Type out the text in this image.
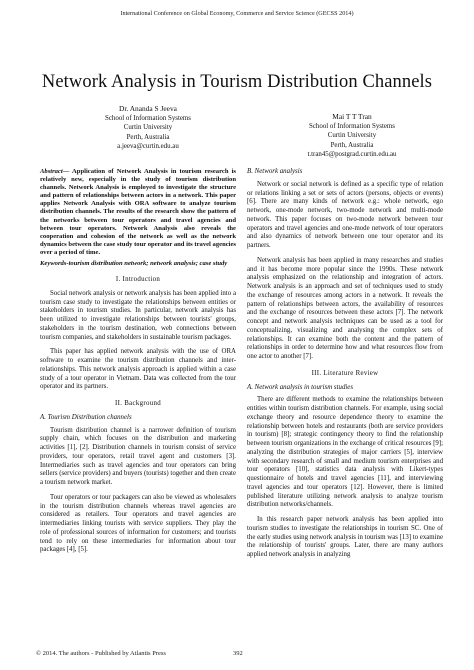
International Conference on Global Economy, Commerce and Service Science (GECSS 2014)
Network Analysis in Tourism Distribution Channels
Dr. Ananda S Jeeva
School of Information Systems
Curtin University
Perth, Australia
a.jeeva@curtin.edu.au
Mai T T Tran
School of Information Systems
Curtin University
Perth, Australia
t.tran45@postgrad.curtin.edu.au
Abstract— Application of Network Analysis in tourism research is relatively new, especially in the study of tourism distribution channels. Network Analysis is employed to investigate the structure and pattern of relationships between actors in a network. This paper applies Network Analysis with ORA software to analyze tourism distribution channels. The results of the research show the pattern of the networks between tour operators and travel agencies and between tour operators. Network Analysis also reveals the cooperation and cohesion of the network as well as the network dynamics between the case study tour operator and its travel agencies over a period of time.
Keywords-tourism distribution network; network analysis; case study
I. Introduction

Social network analysis or network analysis has been applied into a tourism case study to investigate the relationships between entities or stakeholders in tourism studies. In particular, network analysis has been utilized to investigate relationships between tourists' groups, stakeholders in the tourism destination, web connections between tourism companies, and stakeholders in sustainable tourism packages.

This paper has applied network analysis with the use of ORA software to examine the tourism distribution channels and inter-relationships. This network analysis approach is applied within a case study of a tour operator in Vietnam. Data was collected from the tour operator and its partners.

II. Background
A. Tourism Distribution channels

Tourism distribution channel is a narrower definition of tourism supply chain, which focuses on the distribution and marketing activities [1], [2]. Distribution channels in tourism consist of service providers, tour operators, retail travel agent and customers [3]. Intermediaries such as travel agencies and tour operators can bring sellers (service providers) and buyers (tourists) together and then create a tourism network market.

Tour operators or tour packagers can also be viewed as wholesalers in the tourism distribution channels whereas travel agencies are considered as retailers. Tour operators and travel agencies are intermediaries linking tourists with service suppliers. They play the role of professional sources of information for customers; and tourists tend to rely on these intermediaries for information about tour packages [4], [5].

B. Network analysis

Network or social network is defined as a specific type of relation or relations linking a set or sets of actors (persons, objects or events) [6]. There are many kinds of network e.g.: whole network, ego network, one-mode network, two-mode network and multi-mode network. This paper focuses on two-mode network between tour operators and travel agencies and one-mode network of tour operators and also dynamics of network between one tour operator and its partners.

Network analysis has been applied in many researches and studies and it has become more popular since the 1990s. These network analysis emphasized on the relationship and integration of actors. Network analysis is an approach and set of techniques used to study the exchange of resources among actors in a network. It reveals the pattern of relationships between actors, the availability of resources and the exchange of resources between these actors [7]. The network concept and network analysis techniques can be used as a tool for conceptualizing, visualizing and analysing the complex sets of relationships. It can examine both the content and the pattern of relationships in order to determine how and what resources flow from one actor to another [7].

III. Literature Review
A. Network analysis in tourism studies

There are different methods to examine the relationships between entities within tourism distribution channels. For example, using social exchange theory and resource dependence theory to examine the relationship between hotels and restaurants (both are service providers in tourism) [8]; strategic contingency theory to find the relationship between tourism organizations in the exchange of critical resources [9]; analyzing the distribution strategies of major carriers [5], interview with secondary research of small and medium tourism enterprises and tour operators [10], statistics data analysis with Likert-types questionnaire of hotels and travel agencies [11], and interviewing travel agencies and tour operators [12]. However, there is limited published literature utilizing network analysis to analyze tourism distribution networks/channels.

In this research paper network analysis has been applied into tourism studies to investigate the relationships in tourism SC. One of the early studies using network analysis in tourism was [13] to examine the relationship of tourists' groups. Later, there are many authors applied network analysis in analyzing

© 2014. The authors - Published by Atlantis Press	392
